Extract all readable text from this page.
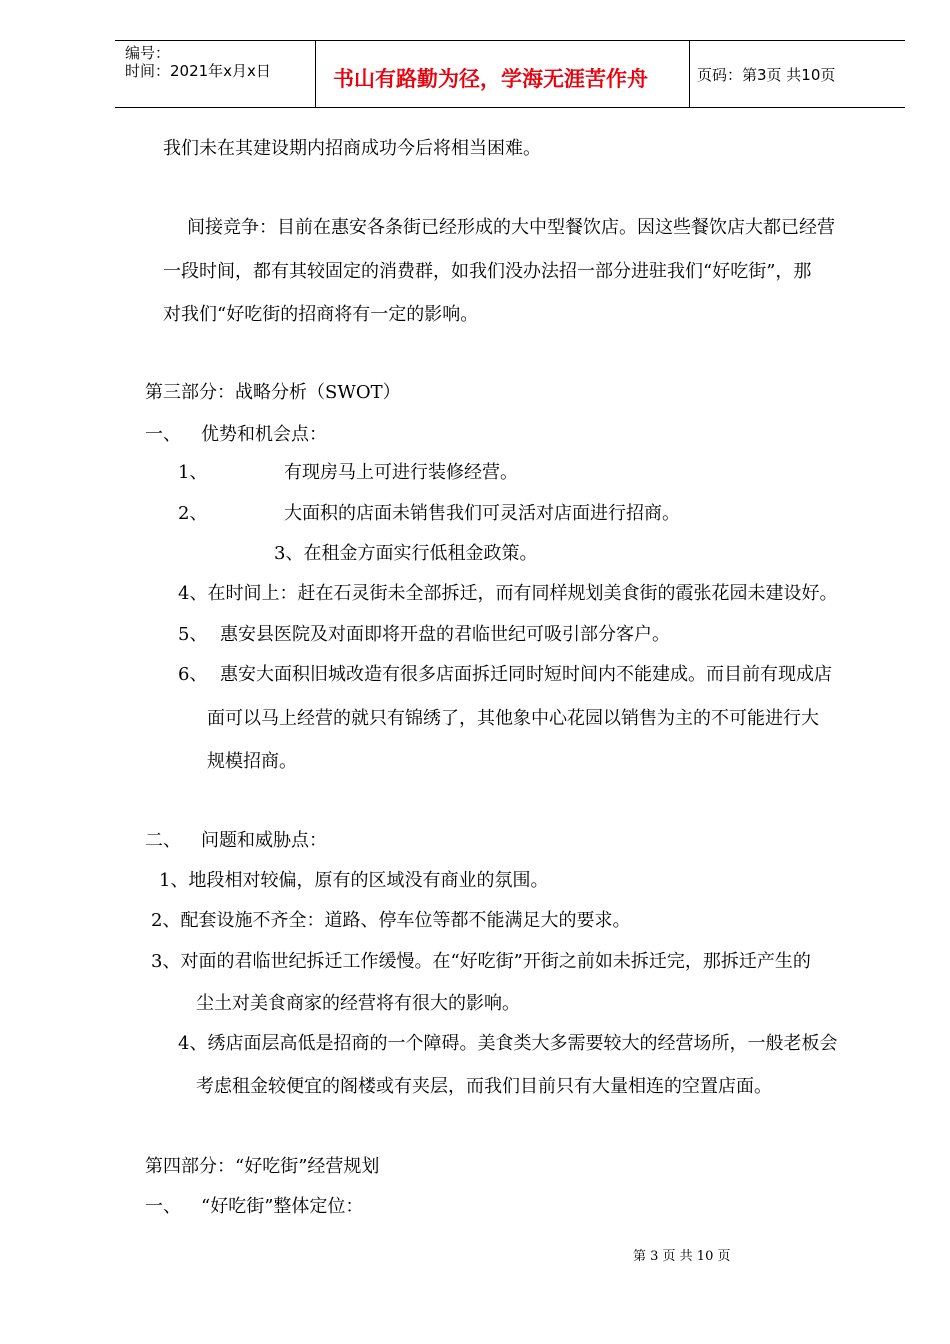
编号：
时间：2021年x月x日	书山有路勤为径，学海无涯苦作舟	页码：第3页 共10页
我们未在其建设期内招商成功今后将相当困难。
间接竞争：目前在惠安各条街已经形成的大中型餐饮店。因这些餐饮店大都已经营
一段时间，都有其较固定的消费群，如我们没办法招一部分进驻我们“好吃街”，那
对我们“好吃街的招商将有一定的影响。
第三部分：战略分析（SWOT）
一、 优势和机会点：
1、	有现房马上可进行装修经营。
2、	大面积的店面未销售我们可灵活对店面进行招商。
3、在租金方面实行低租金政策。
4、在时间上：赶在石灵街未全部拆迁，而有同样规划美食街的霞张花园未建设好。
5、 惠安县医院及对面即将开盘的君临世纪可吸引部分客户。
6、 惠安大面积旧城改造有很多店面拆迁同时短时间内不能建成。而目前有现成店
面可以马上经营的就只有锦绣了，其他象中心花园以销售为主的不可能进行大
规模招商。
二、 问题和威胁点：
1、地段相对较偏，原有的区域没有商业的氛围。
2、配套设施不齐全：道路、停车位等都不能满足大的要求。
3、对面的君临世纪拆迁工作缓慢。在“好吃街”开街之前如未拆迁完，那拆迁产生的
尘土对美食商家的经营将有很大的影响。
4、绣店面层高低是招商的一个障碍。美食类大多需要较大的经营场所，一般老板会
考虑租金较便宜的阁楼或有夹层，而我们目前只有大量相连的空置店面。
第四部分：“好吃街”经营规划
一、 “好吃街”整体定位：
第 3 页 共 10 页
